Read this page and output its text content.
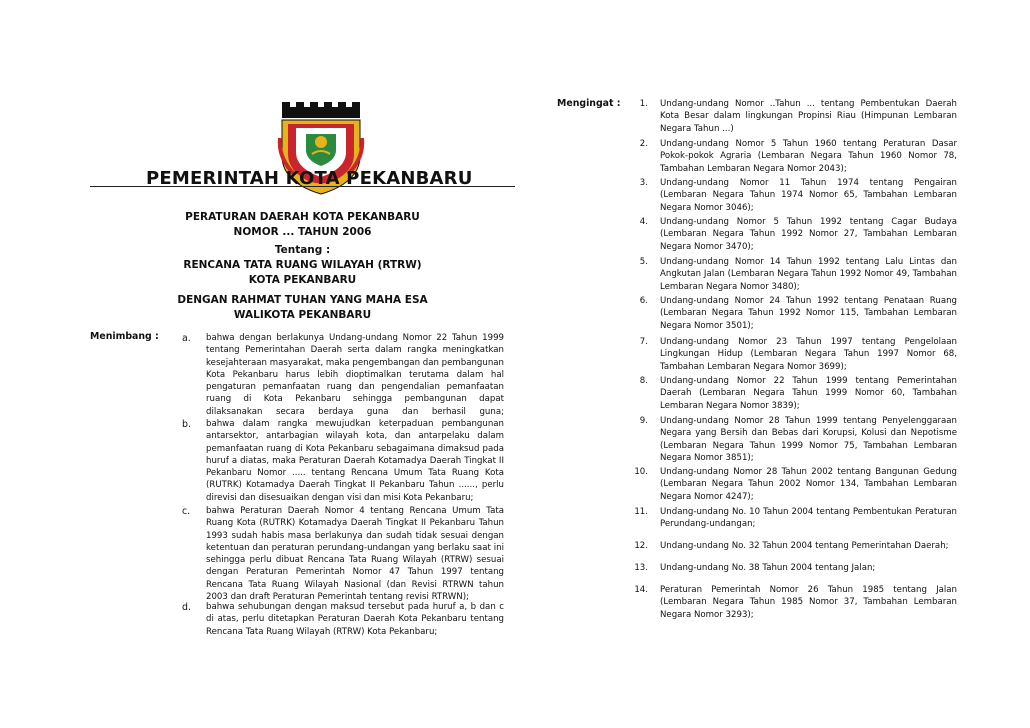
PEMERINTAH KOTA PEKANBARU
PERATURAN DAERAH KOTA PEKANBARU
NOMOR ... TAHUN 2006
Tentang :
RENCANA TATA RUANG WILAYAH (RTRW)
KOTA PEKANBARU
DENGAN RAHMAT TUHAN YANG MAHA ESA
WALIKOTA PEKANBARU
Menimbang : a. bahwa dengan berlakunya Undang-undang Nomor 22 Tahun 1999 tentang Pemerintahan Daerah serta dalam rangka meningkatkan kesejahteraan masyarakat, maka pengembangan dan pembangunan Kota Pekanbaru harus lebih dioptimalkan terutama dalam hal pengaturan pemanfaatan ruang dan pengendalian pemanfaatan ruang di Kota Pekanbaru sehingga pembangunan dapat dilaksanakan secara berdaya guna dan berhasil guna;
b. bahwa dalam rangka mewujudkan keterpaduan pembangunan antarsektor, antarbagian wilayah kota, dan antarpelaku dalam pemanfaatan ruang di Kota Pekanbaru sebagaimana dimaksud pada huruf a diatas, maka Peraturan Daerah Kotamadya Daerah Tingkat II Pekanbaru Nomor ..... tentang Rencana Umum Tata Ruang Kota (RUTRK) Kotamadya Daerah Tingkat II Pekanbaru Tahun ......, perlu direvisi dan disesuaikan dengan visi dan misi Kota Pekanbaru;
c. bahwa Peraturan Daerah Nomor 4 tentang Rencana Umum Tata Ruang Kota (RUTRK) Kotamadya Daerah Tingkat II Pekanbaru Tahun 1993 sudah habis masa berlakunya dan sudah tidak sesuai dengan ketentuan dan peraturan perundang-undangan yang berlaku saat ini sehingga perlu dibuat Rencana Tata Ruang Wilayah (RTRW) sesuai dengan Peraturan Pemerintah Nomor 47 Tahun 1997 tentang Rencana Tata Ruang Wilayah Nasional (dan Revisi RTRWN tahun 2003 dan draft Peraturan Pemerintah tentang revisi RTRWN);
d. bahwa sehubungan dengan maksud tersebut pada huruf a, b dan c di atas, perlu ditetapkan Peraturan Daerah Kota Pekanbaru tentang Rencana Tata Ruang Wilayah (RTRW) Kota Pekanbaru;
Mengingat :	1. Undang-undang Nomor ..Tahun ... tentang Pembentukan Daerah Kota Besar dalam lingkungan Propinsi Riau (Himpunan Lembaran Negara Tahun ...)
2. Undang-undang Nomor 5 Tahun 1960 tentang Peraturan Dasar Pokok-pokok Agraria (Lembaran Negara Tahun 1960 Nomor 78, Tambahan Lembaran Negara Nomor 2043);
3. Undang-undang Nomor 11 Tahun 1974 tentang Pengairan (Lembaran Negara Tahun 1974 Nomor 65, Tambahan Lembaran Negara Nomor 3046);
4. Undang-undang Nomor 5 Tahun 1992 tentang Cagar Budaya (Lembaran Negara Tahun 1992 Nomor 27, Tambahan Lembaran Negara Nomor 3470);
5. Undang-undang Nomor 14 Tahun 1992 tentang Lalu Lintas dan Angkutan Jalan (Lembaran Negara Tahun 1992 Nomor 49, Tambahan Lembaran Negara Nomor 3480);
6. Undang-undang Nomor 24 Tahun 1992 tentang Penataan Ruang (Lembaran Negara Tahun 1992 Nomor 115, Tambahan Lembaran Negara Nomor 3501);
7. Undang-undang Nomor 23 Tahun 1997 tentang Pengelolaan Lingkungan Hidup (Lembaran Negara Tahun 1997 Nomor 68, Tambahan Lembaran Negara Nomor 3699);
8. Undang-undang Nomor 22 Tahun 1999 tentang Pemerintahan Daerah (Lembaran Negara Tahun 1999 Nomor 60, Tambahan Lembaran Negara Nomor 3839);
9. Undang-undang Nomor 28 Tahun 1999 tentang Penyelenggaraan Negara yang Bersih dan Bebas dari Korupsi, Kolusi dan Nepotisme (Lembaran Negara Tahun 1999 Nomor 75, Tambahan Lembaran Negara Nomor 3851);
10. Undang-undang Nomor 28 Tahun 2002 tentang Bangunan Gedung (Lembaran Negara Tahun 2002 Nomor 134, Tambahan Lembaran Negara Nomor 4247);
11. Undang-undang No. 10 Tahun 2004 tentang Pembentukan Peraturan Perundang-undangan;
12. Undang-undang No. 32 Tahun 2004 tentang Pemerintahan Daerah;
13. Undang-undang No. 38 Tahun 2004 tentang Jalan;
14. Peraturan Pemerintah Nomor 26 Tahun 1985 tentang Jalan (Lembaran Negara Tahun 1985 Nomor 37, Tambahan Lembaran Negara Nomor 3293);
